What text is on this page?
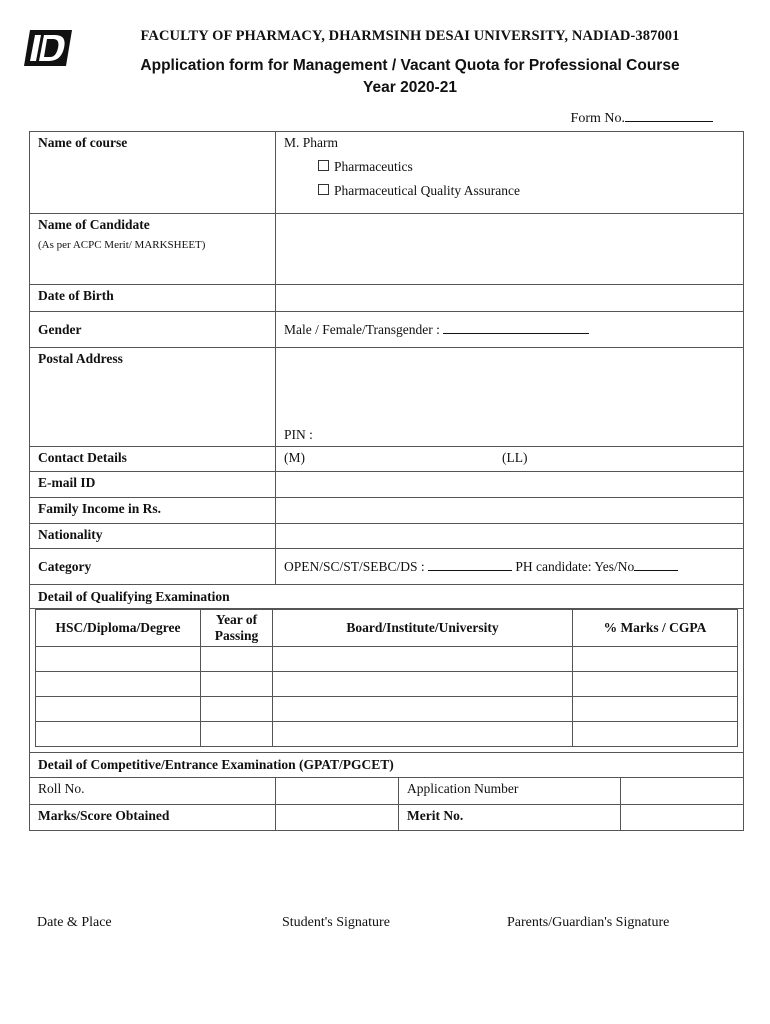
FACULTY OF PHARMACY, DHARMSINH DESAI UNIVERSITY, NADIAD-387001
Application form for Management / Vacant Quota for Professional Course
Year 2020-21
Form No.
Name of course	M. Pharm
Pharmaceutics
Pharmaceutical Quality Assurance

Name of Candidate
(As per ACPC Merit/ MARKSHEET)

Date of Birth	
Gender	Male / Female/Transgender :
Postal Address	PIN :
Contact Details	(M)	(LL)
E-mail ID	
Family Income in Rs.	
Nationality	
Category	OPEN/SC/ST/SEBC/DS :	PH candidate: Yes/No
Detail of Qualifying Examination

HSC/Diploma/Degree	Year of Passing	Board/Institute/University	% Marks / CGPA

Detail of Competitive/Entrance Examination (GPAT/PGCET)

Roll No.		Application Number	
Marks/Score Obtained		Merit No.	
Date & Place	Student's Signature	Parents/Guardian's Signature
